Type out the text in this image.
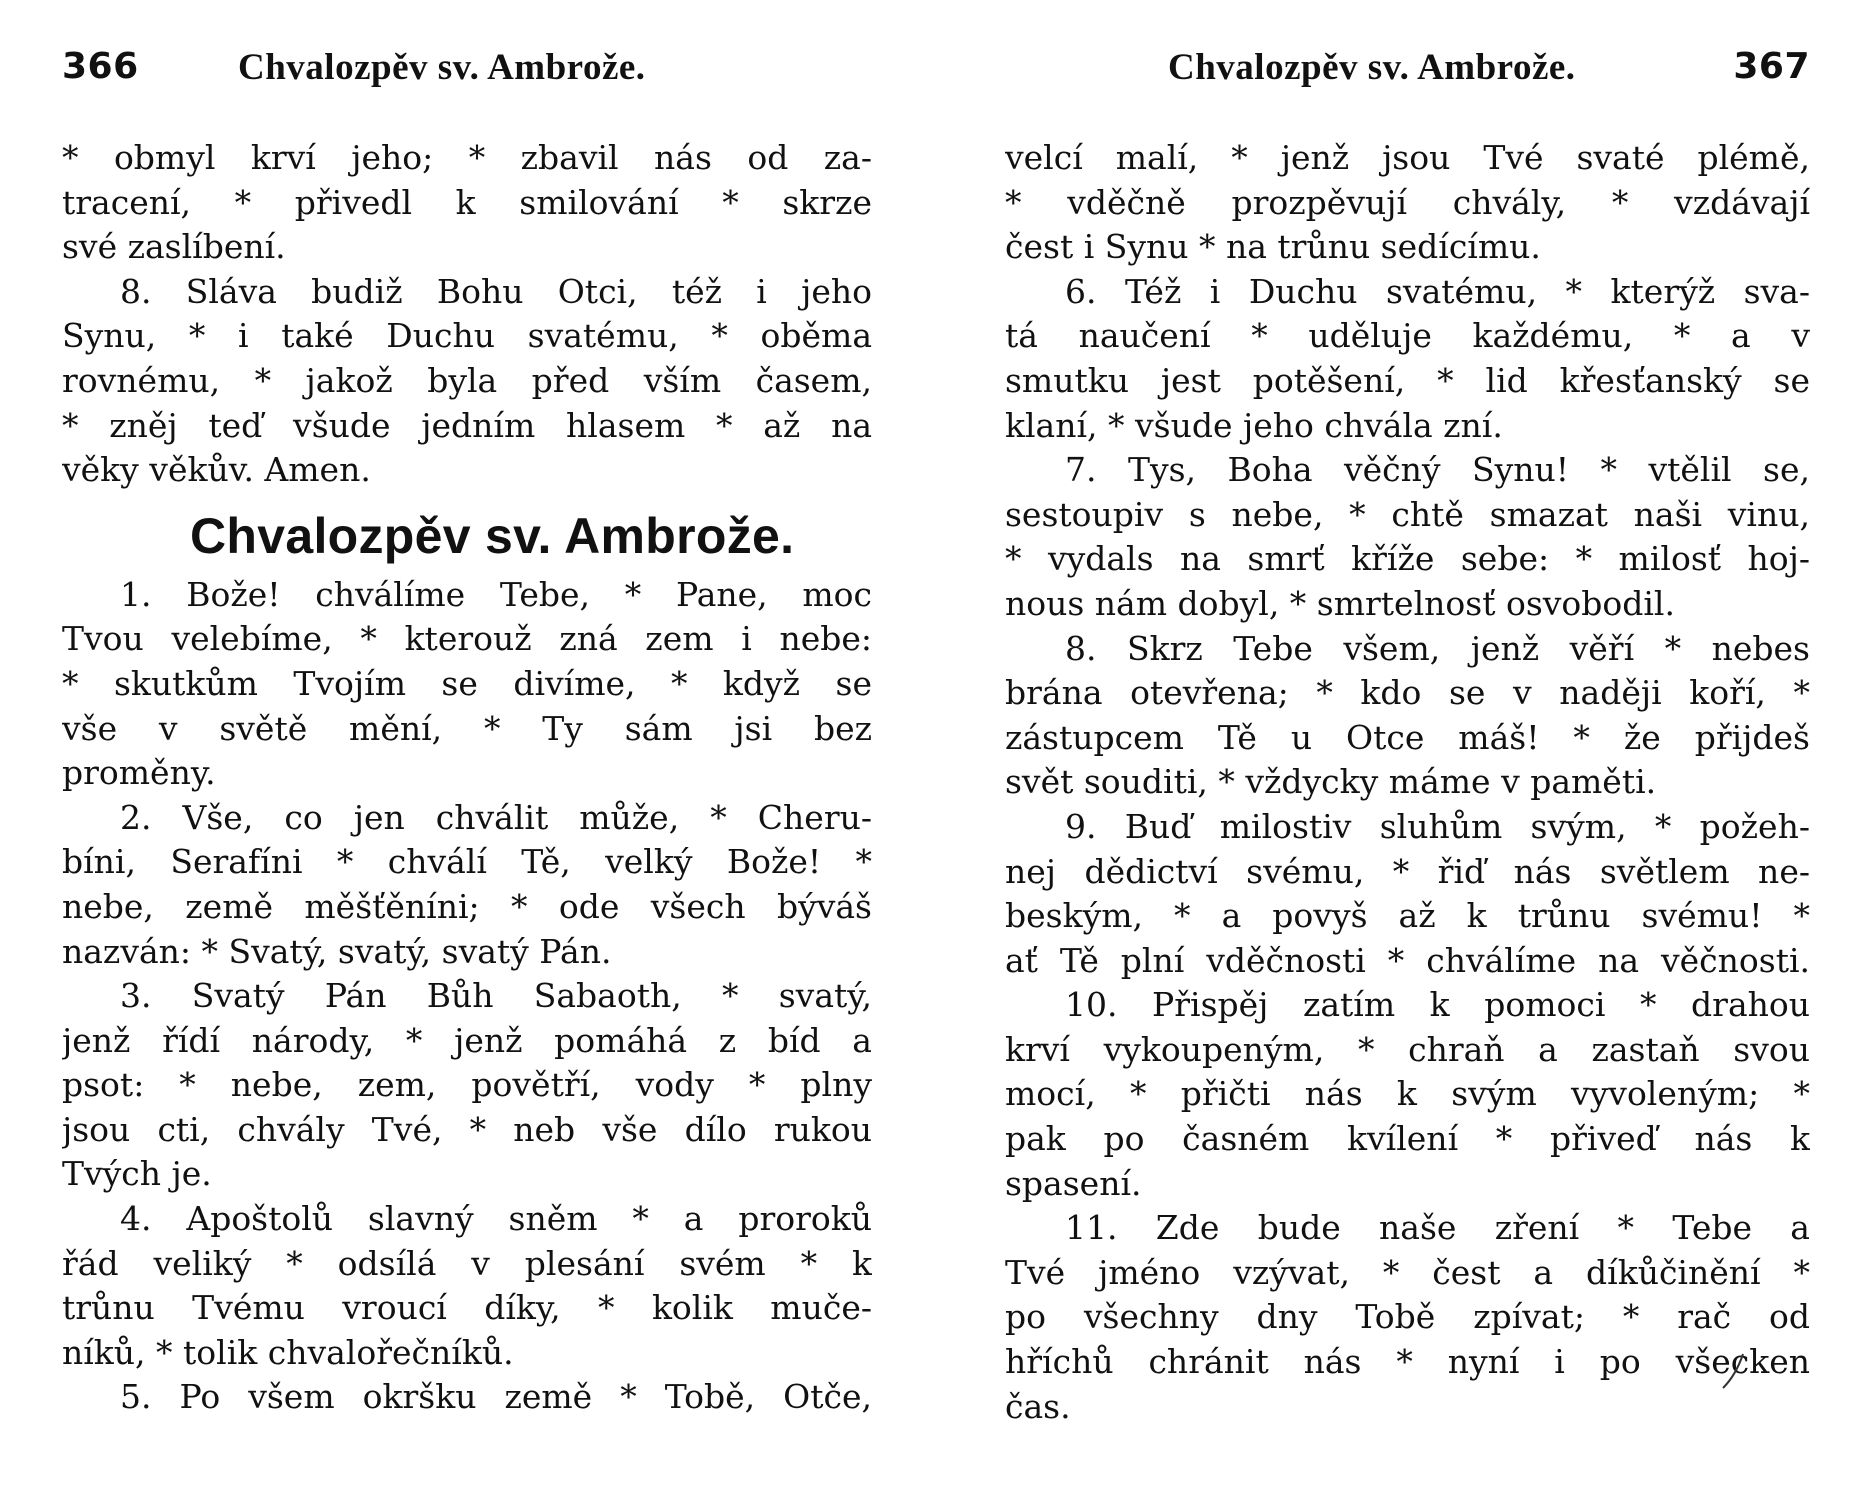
366	Chvalozpěv sv. Ambrože.
* obmyl krví jeho; * zbavil nás od za-
tracení, * přivedl k smilování * skrze
své zaslíbení.
8. Sláva budiž Bohu Otci, též i jeho
Synu, * i také Duchu svatému, * oběma
rovnému, * jakož byla před vším časem,
* zněj teď všude jedním hlasem * až na
věky věkův. Amen.
Chvalozpěv sv. Ambrože.
1. Bože! chválíme Tebe, * Pane, moc
Tvou velebíme, * kterouž zná zem i nebe:
* skutkům Tvojím se divíme, * když se
vše v světě mění, * Ty sám jsi bez
proměny.
2. Vše, co jen chválit může, * Cheru-
bíni, Serafíni * chválí Tě, velký Bože! *
nebe, země měšťěníni; * ode všech býváš
nazván: * Svatý, svatý, svatý Pán.
3. Svatý Pán Bůh Sabaoth, * svatý,
jenž řídí národy, * jenž pomáhá z bíd a
psot: * nebe, zem, povětří, vody * plny
jsou cti, chvály Tvé, * neb vše dílo rukou
Tvých je.
4. Apoštolů slavný sněm * a proroků
řád veliký * odsílá v plesání svém * k
trůnu Tvému vroucí díky, * kolik muče-
níků, * tolik chvalořečníků.
5. Po všem okršku země * Tobě, Otče,
Chvalozpěv sv. Ambrože.	367
velcí malí, * jenž jsou Tvé svaté plémě,
* vděčně prozpěvují chvály, * vzdávají
čest i Synu * na trůnu sedícímu.
6. Též i Duchu svatému, * kterýž sva-
tá naučení * uděluje každému, * a v
smutku jest potěšení, * lid křesťanský se
klaní, * všude jeho chvála zní.
7. Tys, Boha věčný Synu! * vtělil se,
sestoupiv s nebe, * chtě smazat naši vinu,
* vydals na smrť kříže sebe: * milosť hoj-
nous nám dobyl, * smrtelnosť osvobodil.
8. Skrz Tebe všem, jenž věří * nebes
brána otevřena; * kdo se v naději koří, *
zástupcem Tě u Otce máš! * že přijdeš
svět souditi, * vždycky máme v paměti.
9. Buď milostiv sluhům svým, * požeh-
nej dědictví svému, * řiď nás světlem ne-
beským, * a povyš až k trůnu svému! *
ať Tě plní vděčnosti * chválíme na věčnosti.
10. Přispěj zatím k pomoci * drahou
krví vykoupeným, * chraň a zastaň svou
mocí, * přičti nás k svým vyvoleným; *
pak po časném kvílení * přiveď nás k
spasení.
11. Zde bude naše zření * Tebe a
Tvé jméno vzývat, * čest a díkůčinění *
po všechny dny Tobě zpívat; * rač od
hříchů chránit nás * nyní i po všecken
čas.
